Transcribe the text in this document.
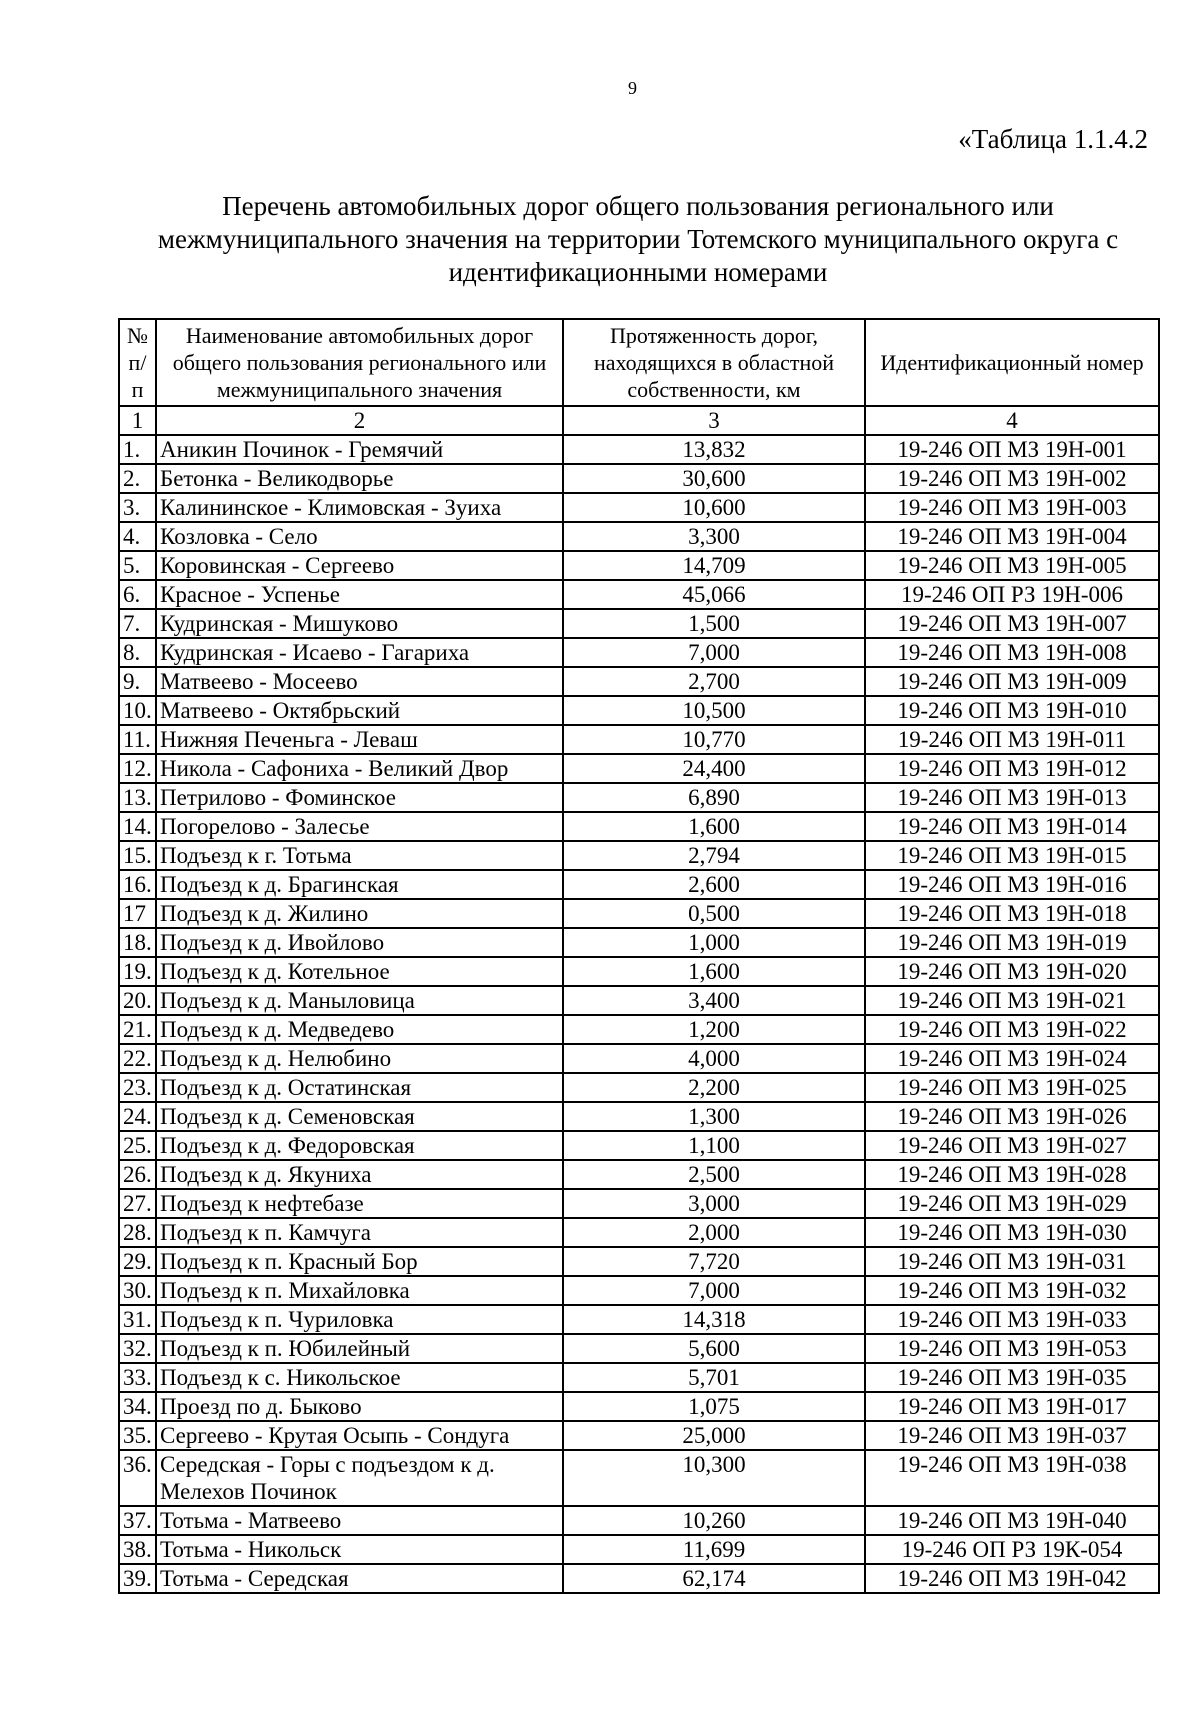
9
«Таблица 1.1.4.2
Перечень автомобильных дорог общего пользования регионального или межмуниципального значения на территории Тотемского муниципального округа с идентификационными номерами
№ п/п	Наименование автомобильных дорог общего пользования регионального или межмуниципального значения	Протяженность дорог, находящихся в областной собственности, км	Идентификационный номер
1	2	3	4
1.	Аникин Починок - Гремячий	13,832	19-246 ОП МЗ 19Н-001
2.	Бетонка - Великодворье	30,600	19-246 ОП МЗ 19Н-002
3.	Калининское - Климовская - Зуиха	10,600	19-246 ОП МЗ 19Н-003
4.	Козловка - Село	3,300	19-246 ОП МЗ 19Н-004
5.	Коровинская - Сергеево	14,709	19-246 ОП МЗ 19Н-005
6.	Красное - Успенье	45,066	19-246 ОП РЗ 19Н-006
7.	Кудринская - Мишуково	1,500	19-246 ОП МЗ 19Н-007
8.	Кудринская - Исаево - Гагариха	7,000	19-246 ОП МЗ 19Н-008
9.	Матвеево - Мосеево	2,700	19-246 ОП МЗ 19Н-009
10.	Матвеево - Октябрьский	10,500	19-246 ОП МЗ 19Н-010
11.	Нижняя Печеньга - Леваш	10,770	19-246 ОП МЗ 19Н-011
12.	Никола - Сафониха - Великий Двор	24,400	19-246 ОП МЗ 19Н-012
13.	Петрилово - Фоминское	6,890	19-246 ОП МЗ 19Н-013
14.	Погорелово - Залесье	1,600	19-246 ОП МЗ 19Н-014
15.	Подъезд к г. Тотьма	2,794	19-246 ОП МЗ 19Н-015
16.	Подъезд к д. Брагинская	2,600	19-246 ОП МЗ 19Н-016
17	Подъезд к д. Жилино	0,500	19-246 ОП МЗ 19Н-018
18.	Подъезд к д. Ивойлово	1,000	19-246 ОП МЗ 19Н-019
19.	Подъезд к д. Котельное	1,600	19-246 ОП МЗ 19Н-020
20.	Подъезд к д. Маныловица	3,400	19-246 ОП МЗ 19Н-021
21.	Подъезд к д. Медведево	1,200	19-246 ОП МЗ 19Н-022
22.	Подъезд к д. Нелюбино	4,000	19-246 ОП МЗ 19Н-024
23.	Подъезд к д. Остатинская	2,200	19-246 ОП МЗ 19Н-025
24.	Подъезд к д. Семеновская	1,300	19-246 ОП МЗ 19Н-026
25.	Подъезд к д. Федоровская	1,100	19-246 ОП МЗ 19Н-027
26.	Подъезд к д. Якуниха	2,500	19-246 ОП МЗ 19Н-028
27.	Подъезд к нефтебазе	3,000	19-246 ОП МЗ 19Н-029
28.	Подъезд к п. Камчуга	2,000	19-246 ОП МЗ 19Н-030
29.	Подъезд к п. Красный Бор	7,720	19-246 ОП МЗ 19Н-031
30.	Подъезд к п. Михайловка	7,000	19-246 ОП МЗ 19Н-032
31.	Подъезд к п. Чуриловка	14,318	19-246 ОП МЗ 19Н-033
32.	Подъезд к п. Юбилейный	5,600	19-246 ОП МЗ 19Н-053
33.	Подъезд к с. Никольское	5,701	19-246 ОП МЗ 19Н-035
34.	Проезд по д. Быково	1,075	19-246 ОП МЗ 19Н-017
35.	Сергеево - Крутая Осыпь - Сондуга	25,000	19-246 ОП МЗ 19Н-037
36.	Середская - Горы с подъездом к д. Мелехов Починок	10,300	19-246 ОП МЗ 19Н-038
37.	Тотьма - Матвеево	10,260	19-246 ОП МЗ 19Н-040
38.	Тотьма - Никольск	11,699	19-246 ОП РЗ 19К-054
39.	Тотьма - Середская	62,174	19-246 ОП МЗ 19Н-042
